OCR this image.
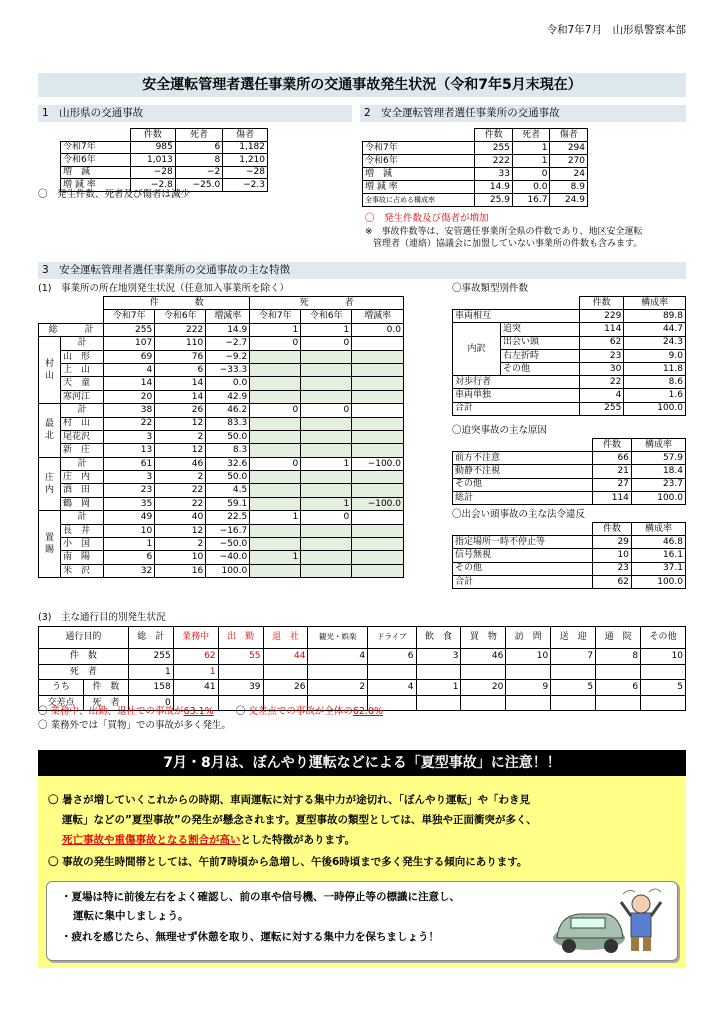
令和7年7月　山形県警察本部
安全運転管理者選任事業所の交通事故発生状況（令和7年5月末現在）
1　山形県の交通事故
	件数	死者	傷者
令和7年	985	6	1,182
令和6年	1,013	8	1,210
増　減	−28	−2	−28
増 減 率	−2.8	−25.0	−2.3
〇　発生件数、死者及び傷者は減少
2　安全運転管理者選任事業所の交通事故
	件数	死者	傷者
令和7年	255	1	294
令和6年	222	1	270
増　減	33	0	24
増 減 率	14.9	0.0	8.9
全事故に占める構成率	25.9	16.7	24.9
〇　発生件数及び傷者が増加
※　事故件数等は、安管選任事業所全県の件数であり、地区安全運転
管理者（連絡）協議会に加盟していない事業所の件数も含みます。
3　安全運転管理者選任事業所の交通事故の主な特徴
(1)　事業所の所在地別発生状況（任意加入事業所を除く）
		件　　　　数			死　　　　者		
		令和7年	令和6年	増減率	令和7年	令和6年	増減率
総　　　計		255	222	14.9	1	1	0.0
村
山	計	107	110	−2.7	0	0	
	山　形	69	76	−9.2			
	上　山	4	6	−33.3			
	天　童	14	14	0.0			
	寒河江	20	14	42.9			
最
北	計	38	26	46.2	0	0	
	村　山	22	12	83.3			
	尾花沢	3	2	50.0			
	新　庄	13	12	8.3			
庄
内	計	61	46	32.6	0	1	−100.0
	庄　内	3	2	50.0			
	酒　田	23	22	4.5			
	鶴　岡	35	22	59.1		1	−100.0
置
賜	計	49	40	22.5	1	0	
	長　井	10	12	−16.7			
	小　国	1	2	−50.0			
	南　陽	6	10	−40.0	1		
	米　沢	32	16	100.0			
〇事故類型別件数
		件数	構成率
車両相互		229	89.8
内訳	追突	114	44.7
	出会い頭	62	24.3
	右左折時	23	9.0
	その他	30	11.8
対歩行者		22	8.6
車両単独		4	1.6
合計		255	100.0
〇追突事故の主な原因
	件数	構成率
前方不注意	66	57.9
動静不注視	21	18.4
その他	27	23.7
総計	114	100.0
〇出会い頭事故の主な法令違反
	件数	構成率
指定場所一時不停止等	29	46.8
信号無視	10	16.1
その他	23	37.1
合計	62	100.0
(3)　主な通行目的別発生状況
通行目的		総　計	業務中	出　勤	退　社	観光・娯楽	ドライブ	飲　食	買　物	訪　問	送　迎	通　院	その他
件　数		255	62	55	44	4	6	3	46	10	7	8	10
死　者		1	1										
うち	件　数	158	41	39	26	2	4	1	20	9	5	6	5
交差点	死　者	0											
〇 業務中、出勤、退社での事故が63.1% 〇 交差点での事故が全体の62.0%
〇 業務外では「買物」での事故が多く発生。
7月・8月は、ぼんやり運転などによる「夏型事故」に注意！！
〇 暑さが増していくこれからの時期、車両運転に対する集中力が途切れ、「ぼんやり運転」や「わき見
運転」などの”夏型事故”の発生が懸念されます。夏型事故の類型としては、単独や正面衝突が多く、
死亡事故や重傷事故となる割合が高いとした特徴があります。
〇 事故の発生時間帯としては、午前7時頃から急増し、午後6時頃まで多く発生する傾向にあります。
・夏場は特に前後左右をよく確認し、前の車や信号機、一時停止等の標識に注意し、
運転に集中しましょう。
・疲れを感じたら、無理せず休憩を取り、運転に対する集中力を保ちましょう！
